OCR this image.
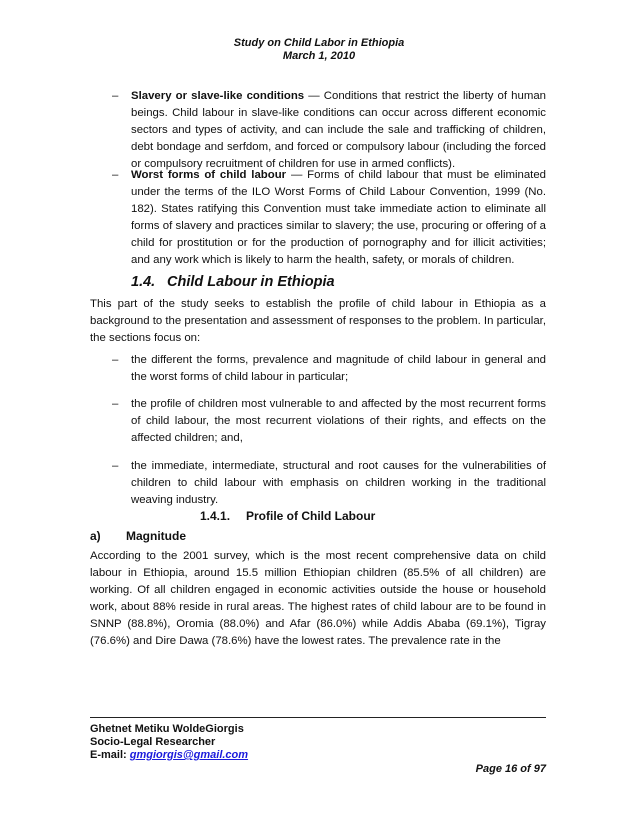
Study on Child Labor in Ethiopia
March 1, 2010
– Slavery or slave-like conditions — Conditions that restrict the liberty of human beings. Child labour in slave-like conditions can occur across different economic sectors and types of activity, and can include the sale and trafficking of children, debt bondage and serfdom, and forced or compulsory labour (including the forced or compulsory recruitment of children for use in armed conflicts).
– Worst forms of child labour — Forms of child labour that must be eliminated under the terms of the ILO Worst Forms of Child Labour Convention, 1999 (No. 182). States ratifying this Convention must take immediate action to eliminate all forms of slavery and practices similar to slavery; the use, procuring or offering of a child for prostitution or for the production of pornography and for illicit activities; and any work which is likely to harm the health, safety, or morals of children.
1.4. Child Labour in Ethiopia
This part of the study seeks to establish the profile of child labour in Ethiopia as a background to the presentation and assessment of responses to the problem. In particular, the sections focus on:
– the different the forms, prevalence and magnitude of child labour in general and the worst forms of child labour in particular;
– the profile of children most vulnerable to and affected by the most recurrent forms of child labour, the most recurrent violations of their rights, and effects on the affected children; and,
– the immediate, intermediate, structural and root causes for the vulnerabilities of children to child labour with emphasis on children working in the traditional weaving industry.
1.4.1. Profile of Child Labour
a) Magnitude
According to the 2001 survey, which is the most recent comprehensive data on child labour in Ethiopia, around 15.5 million Ethiopian children (85.5% of all children) are working. Of all children engaged in economic activities outside the house or household work, about 88% reside in rural areas. The highest rates of child labour are to be found in SNNP (88.8%), Oromia (88.0%) and Afar (86.0%) while Addis Ababa (69.1%), Tigray (76.6%) and Dire Dawa (78.6%) have the lowest rates. The prevalence rate in the
Ghetnet Metiku WoldeGiorgis
Socio-Legal Researcher
E-mail: gmgiorgis@gmail.com
Page 16 of 97
